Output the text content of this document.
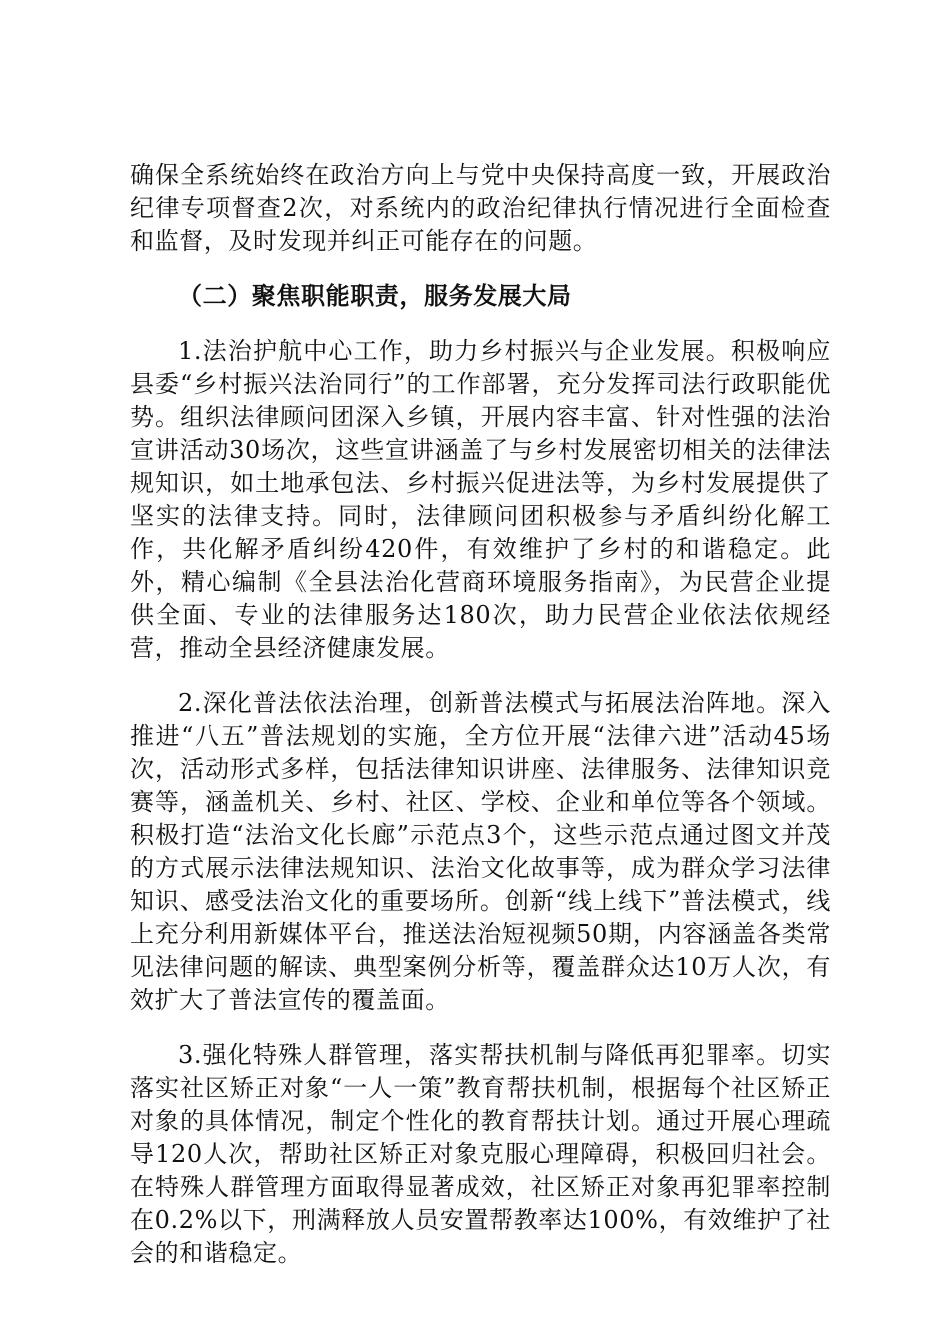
确保全系统始终在政治方向上与党中央保持高度一致，开展政治纪律专项督查2次，对系统内的政治纪律执行情况进行全面检查和监督，及时发现并纠正可能存在的问题。

（二）聚焦职能职责，服务发展大局

1.法治护航中心工作，助力乡村振兴与企业发展。积极响应县委“乡村振兴法治同行”的工作部署，充分发挥司法行政职能优势。组织法律顾问团深入乡镇，开展内容丰富、针对性强的法治宣讲活动30场次，这些宣讲涵盖了与乡村发展密切相关的法律法规知识，如土地承包法、乡村振兴促进法等，为乡村发展提供了坚实的法律支持。同时，法律顾问团积极参与矛盾纠纷化解工作，共化解矛盾纠纷420件，有效维护了乡村的和谐稳定。此外，精心编制《全县法治化营商环境服务指南》，为民营企业提供全面、专业的法律服务达180次，助力民营企业依法依规经营，推动全县经济健康发展。

2.深化普法依法治理，创新普法模式与拓展法治阵地。深入推进“八五”普法规划的实施，全方位开展“法律六进”活动45场次，活动形式多样，包括法律知识讲座、法律服务、法律知识竞赛等，涵盖机关、乡村、社区、学校、企业和单位等各个领域。积极打造“法治文化长廊”示范点3个，这些示范点通过图文并茂的方式展示法律法规知识、法治文化故事等，成为群众学习法律知识、感受法治文化的重要场所。创新“线上线下”普法模式，线上充分利用新媒体平台，推送法治短视频50期，内容涵盖各类常见法律问题的解读、典型案例分析等，覆盖群众达10万人次，有效扩大了普法宣传的覆盖面。

3.强化特殊人群管理，落实帮扶机制与降低再犯罪率。切实落实社区矫正对象“一人一策”教育帮扶机制，根据每个社区矫正对象的具体情况，制定个性化的教育帮扶计划。通过开展心理疏导120人次，帮助社区矫正对象克服心理障碍，积极回归社会。在特殊人群管理方面取得显著成效，社区矫正对象再犯罪率控制在0.2%以下，刑满释放人员安置帮教率达100%，有效维护了社会的和谐稳定。
